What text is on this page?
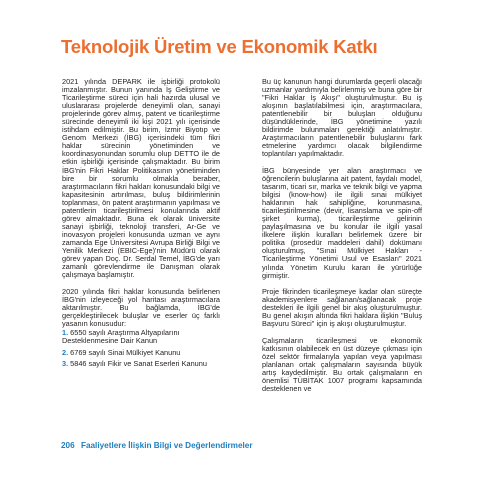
Teknolojik Üretim ve Ekonomik Katkı

2021 yılında DEPARK ile işbirliği protokolü imzalanmıştır. Bunun yanında İş Geliştirme ve Ticarileştirme süreci için hali hazırda ulusal ve uluslararası projelerde deneyimli olan, sanayi projelerinde görev almış, patent ve ticarileştirme sürecinde deneyimli iki kişi 2021 yılı içerisinde istihdam edilmiştir. Bu birim, İzmir Biyotıp ve Genom Merkezi (İBG) içerisindeki tüm fikri haklar sürecinin yönetiminden ve koordinasyonundan sorumlu olup DETTO ile de etkin işbirliği içerisinde çalışmaktadır. Bu birim İBG'nin Fikri Haklar Politikasının yönetiminden bire bir sorumlu olmakla beraber, araştırmacıların fikri hakları konusundaki bilgi ve kapasitesinin artırılması, buluş bildirimlerinin toplanması, ön patent araştırmanın yapılması ve patentlerin ticarileştirilmesi konularında aktif görev almaktadır. Buna ek olarak üniversite sanayi işbirliği, teknoloji transferi, Ar-Ge ve inovasyon projeleri konusunda uzman ve aynı zamanda Ege Üniversitesi Avrupa Birliği Bilgi ve Yenilik Merkezi (EBIC-Ege)'nin Müdürü olarak görev yapan Doç. Dr. Serdal Temel, İBG'de yarı zamanlı görevlendirme ile Danışman olarak çalışmaya başlamıştır.

2020 yılında fikri haklar konusunda belirlenen İBG'nin izleyeceği yol haritası araştırmacılara aktarılmıştır. Bu bağlamda, İBG'de gerçekleştirilecek buluşlar ve eserler üç farklı yasanın konusudur:

1. 6550 sayılı Araştırma Altyapılarını Desteklenmesine Dair Kanun
2. 6769 sayılı Sinai Mülkiyet Kanunu
3. 5846 sayılı Fikir ve Sanat Eserleri Kanunu

Bu üç kanunun hangi durumlarda geçerli olacağı uzmanlar yardımıyla belirlenmiş ve buna göre bir "Fikri Haklar İş Akışı" oluşturulmuştur. Bu iş akışının başlatılabilmesi için, araştırmacılara, patentlenebilir bir buluşları olduğunu düşündüklerinde, İBG yönetimine yazılı bildirimde bulunmaları gerektiği anlatılmıştır. Araştırmacıların patentlenebilir buluşlarını fark etmelerine yardımcı olacak bilgilendirme toplantıları yapılmaktadır.

İBG bünyesinde yer alan araştırmacı ve öğrencilerin buluşlarına ait patent, faydalı model, tasarım, ticari sır, marka ve teknik bilgi ve yapma bilgisi (know-how) ile ilgili sınai mülkiyet haklarının hak sahipliğine, korunmasına, ticarileştirilmesine (devir, lisanslama ve spin-off şirket kurma), ticarileştirme gelirinin paylaşılmasına ve bu konular ile ilgili yasal ilkelere ilişkin kuralları belirlemek üzere bir politika (prosedür maddeleri dahil) dokümanı oluşturulmuş, "Sınai Mülkiyet Hakları - Ticarileştirme Yönetimi Usul ve Esasları" 2021 yılında Yönetim Kurulu kararı ile yürürlüğe girmiştir.

Proje fikrinden ticarileşmeye kadar olan süreçte akademisyenlere sağlanan/sağlanacak proje destekleri ile ilgili genel bir akış oluşturulmuştur. Bu genel akışın altında fikri haklara ilişkin "Buluş Başvuru Süreci" için iş akışı oluşturulmuştur.

Çalışmaların ticarileşmesi ve ekonomik katkısının olabilecek en üst düzeye çıkması için özel sektör firmalarıyla yapılan veya yapılması planlanan ortak çalışmaların sayısında büyük artış kaydedilmiştir. Bu ortak çalışmaların en önemlisi TÜBİTAK 1007 programı kapsamında desteklenen ve

206 Faaliyetlere İlişkin Bilgi ve Değerlendirmeler
